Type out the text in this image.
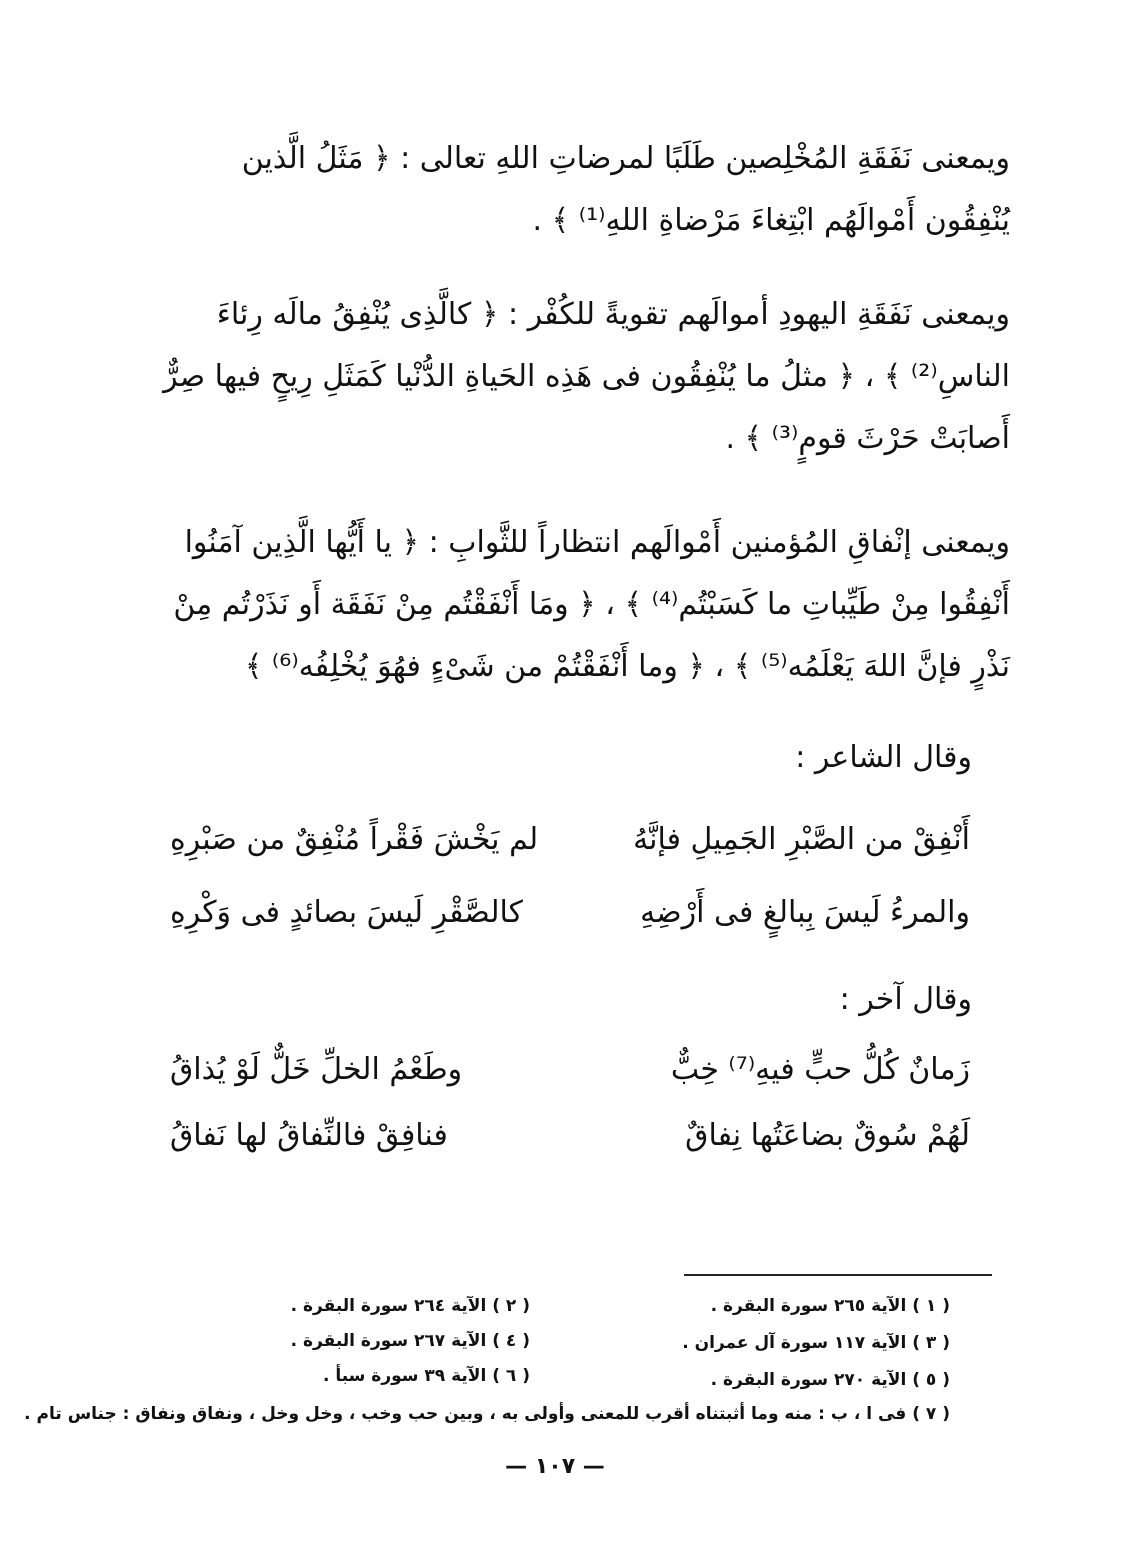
ويمعنى نَفَقَةِ المُخْلِصين طَلَبًا لمرضاتِ اللهِ تعالى : ﴿ مَثَلُ الَّذين يُنْفِقُون أَمْوالَهُم ابْتِغاءَ مَرْضاةِ اللهِ⁽¹⁾ ﴾ .

ويمعنى نَفَقَةِ اليهودِ أموالَهم تقويةً للكُفْر : ﴿ كالَّذِى يُنْفِقُ مالَه رِئاءَ الناسِ⁽²⁾ ﴾ ، ﴿ مثلُ ما يُنْفِقُون فى هَذِه الحَياةِ الدُّنْيا كَمَثَلِ رِيحٍ فيها صِرٌّ أَصابَتْ حَرْثَ قومٍ⁽³⁾ ﴾ .

ويمعنى إنْفاقِ المُؤمنين أَمْوالَهم انتظاراً للثَّوابِ : ﴿ يا أَيُّها الَّذِين آمَنُوا أَنْفِقُوا مِنْ طَيِّباتِ ما كَسَبْتُم⁽⁴⁾ ﴾ ، ﴿ ومَا أَنْفَقْتُم مِنْ نَفَقَة أَو نَذَرْتُم مِنْ نَذْرٍ فإنَّ اللهَ يَعْلَمُه⁽⁵⁾ ﴾ ، ﴿ وما أَنْفَقْتُمْ من شَىْءٍ فهُوَ يُخْلِفُه⁽⁶⁾ ﴾

وقال الشاعر :
أَنْفِقْ من الصَّبْرِ الجَمِيلِ فإنَّهُ
لم يَخْشَ فَقْراً مُنْفِقٌ من صَبْرِهِ
والمرءُ لَيسَ بِبالغٍ فى أَرْضِهِ
كالصَّقْرِ لَيسَ بصائدٍ فى وَكْرِهِ
وقال آخر :
زَمانٌ كُلُّ حبٍّ فيهِ⁽⁷⁾ خِبٌّ
وطَعْمُ الخلِّ خَلٌّ لَوْ يُذاقُ
لَهُمْ سُوقٌ بضاعَتُها نِفاقٌ
فنافِقْ فالنِّفاقُ لها نَفاقُ
( ١ ) الآية ٢٦٥ سورة البقرة .
( ٢ ) الآية ٢٦٤ سورة البقرة .
( ٣ ) الآية ١١٧ سورة آل عمران .
( ٤ ) الآية ٢٦٧ سورة البقرة .
( ٥ ) الآية ٢٧٠ سورة البقرة .
( ٦ ) الآية ٣٩ سورة سبأ .
( ٧ ) فى ا ، ب : منه وما أثبتناه أقرب للمعنى وأولى به ، وبين حب وخب ، وخل وخل ، ونفاق ونفاق : جناس تام .
— ١٠٧ —
